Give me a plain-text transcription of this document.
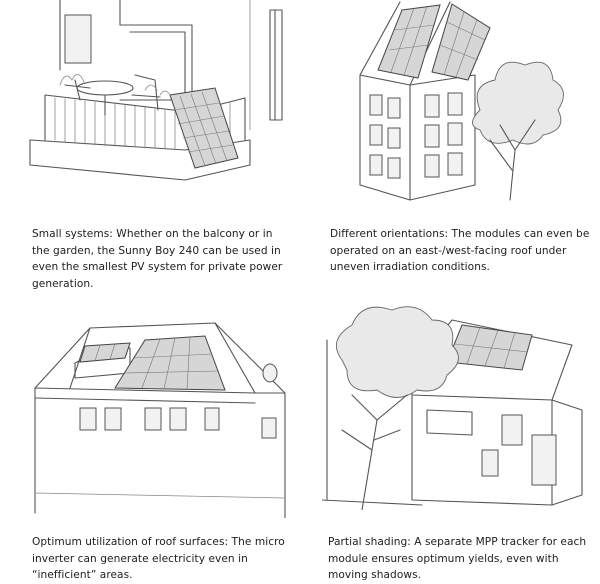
Small systems: Whether on the balcony or in the garden, the Sunny Boy 240 can be used in even the smallest PV system for private power generation.
Different orientations: The modules can even be operated on an east-/west-facing roof under uneven irradiation conditions.
Optimum utilization of roof surfaces: The micro inverter can generate electricity even in “inefficient” areas.
Partial shading: A separate MPP tracker for each module ensures optimum yields, even with moving shadows.
